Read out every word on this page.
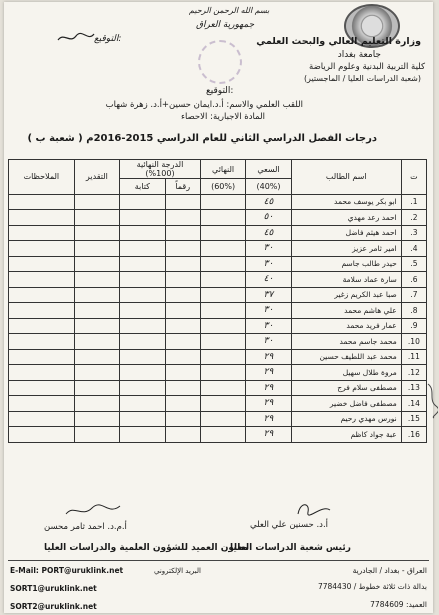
بسم الله الرحمن الرحيم
جمهورية العراق
وزارة التعليم العالي والبحث العلمي
جامعة بغداد
كلية التربية البدنية وعلوم الرياضة
(شعبة الدراسات العليا / الماجستير)
التوقيع:
التوقيع:
اللقب العلمي والاسم: أ.د.ايمان حسين+أ.د. زهرة شهاب
المادة الاجبارية: الاحصاء
درجات الفصل الدراسي الثاني للعام الدراسي 2015-2016م ( شعبة ب )
ت	اسم الطالب	السعي	النهائي	الدرجة النهائية (100%)		التقدير	الملاحظات
		(40%)	(60%)	رقماً	كتابة		
1.	ابو بكر يوسف محمد	٤٥					
2.	احمد رعد مهدي	٥٠					
3.	احمد هيثم فاضل	٤٥					
4.	امير ثامر عزيز	٣٠					
5.	حيدر طالب جاسم	٣٠					
6.	سارة عماد سلامة	٤٠					
7.	صبا عبد الكريم زغير	٣٧					
8.	علي هاشم محمد	٣٠					
9.	عمار فريد محمد	٣٠					
10.	محمد جاسم محمد	٣٠					
11.	محمد عبد اللطيف حسين	٢٩					
12.	مروة طلال سهيل	٢٩					
13.	مصطفى سلام فرج	٢٩					
14.	مصطفى فاضل خضير	٢٩					
15.	نورس مهدي رحيم	٢٩					
16.	عبة جواد كاظم	٢٩					
أ.م.د. احمد ثامر محسن	أ.د. حسنين علي العلي
معاون العميد للشؤون العلمية والدراسات العليا
رئيس شعبة الدراسات العليا
E-Mail: PORT@uruklink.net	البريد الإلكتروني
SORT1@uruklink.net
SORT2@uruklink.net
العراق - بغداد / الجادرية
بدالة ذات ثلاثة خطوط / 7784430
العميد: 7784609
